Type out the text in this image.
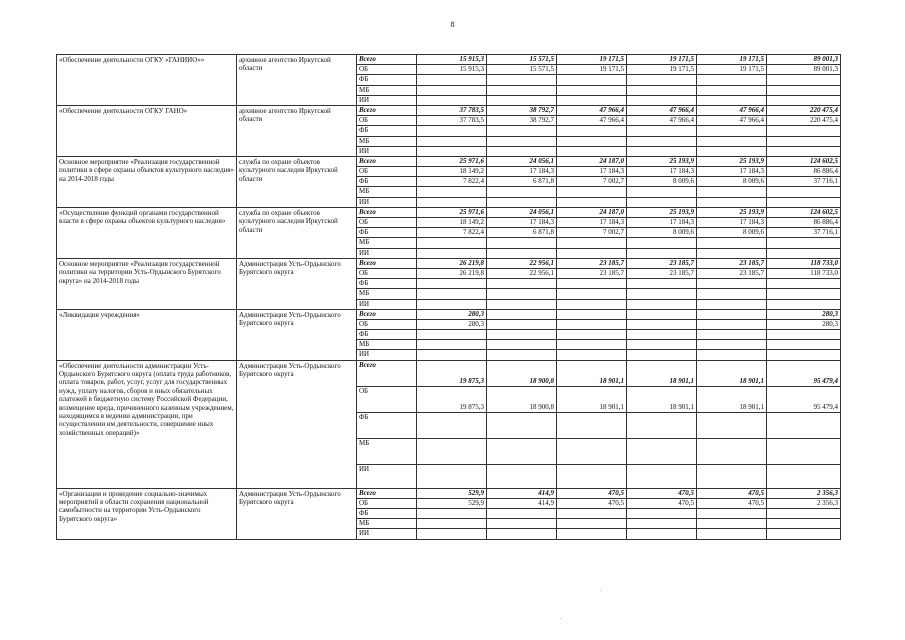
8
«Обеспечение деятельности ОГКУ «ГАНИИО»»	архивное агентство Иркутской области	Всего	15 915,3	15 571,5	19 171,5	19 171,5	19 171,5	89 001,3
		ОБ	15 915,3	15 571,5	19 171,5	19 171,5	19 171,5	89 001,3
		ФБ						
		МБ						
		ИИ						
«Обеспечение деятельности ОГКУ ГАНО»	архивное агентство Иркутской области	Всего	37 783,5	38 792,7	47 966,4	47 966,4	47 966,4	220 475,4
		ОБ	37 783,5	38 792,7	47 966,4	47 966,4	47 966,4	220 475,4
		ФБ						
		МБ						
		ИИ						
Основное мероприятие «Реализация государственной политики в сфере охраны объектов культурного наследия» на 2014-2018 годы	служба по охране объектов культурного наследия Иркутской области	Всего	25 971,6	24 056,1	24 187,0	25 193,9	25 193,9	124 602,5
		ОБ	18 149,2	17 184,3	17 184,3	17 184,3	17 184,3	86 886,4
		ФБ	7 822,4	6 871,8	7 002,7	8 009,6	8 009,6	37 716,1
		МБ						
		ИИ						
«Осуществление функций органами государственной власти в сфере охраны объектов культурного наследия»	служба по охране объектов культурного наследия Иркутской области	Всего	25 971,6	24 056,1	24 187,0	25 193,9	25 193,9	124 602,5
		ОБ	18 149,2	17 184,3	17 184,3	17 184,3	17 184,3	86 886,4
		ФБ	7 822,4	6 871,8	7 002,7	8 009,6	8 009,6	37 716,1
		МБ						
		ИИ						
Основное мероприятие «Реализация государственной политики на территории Усть-Ордынского Бурятского округа» на 2014-2018 годы	Администрация Усть-Ордынского Бурятского округа	Всего	26 219,8	22 956,1	23 185,7	23 185,7	23 185,7	118 733,0
		ОБ	26 219,8	22 956,1	23 185,7	23 185,7	23 185,7	118 733,0
		ФБ						
		МБ						
		ИИ						
«Ликвидация учреждения»	Администрация Усть-Ордынского Бурятского округа	Всего	280,3					280,3
		ОБ	280,3					280,3
		ФБ						
		МБ						
		ИИ						
«Обеспечение деятельности администрации Усть-Ордынского Бурятского округа (оплата труда работников, оплата товаров, работ, услуг, услуг для государственных нужд, уплату налогов, сборов и иных обязательных платежей в бюджетную систему Российской Федерации, возмещение вреда, причиненного казенным учреждением, находящимся в ведении администрации, при осуществлении им деятельности, совершение иных хозяйственных операций)»	Администрация Усть-Ордынского Бурятского округа	Всего	19 875,3	18 900,8	18 901,1	18 901,1	18 901,1	95 479,4
		ОБ	19 875,3	18 900,8	18 901,1	18 901,1	18 901,1	95 479,4
		ФБ						
		МБ						
		ИИ						
«Организация и проведение социально-значимых мероприятий в области сохранения национальной самобытности на территории Усть-Ордынского Бурятского округа»	Администрация Усть-Ордынского Бурятского округа	Всего	529,9	414,9	470,5	470,5	470,5	2 356,3
		ОБ	529,9	414,9	470,5	470,5	470,5	2 356,3
		ФБ						
		МБ						
		ИИ						
